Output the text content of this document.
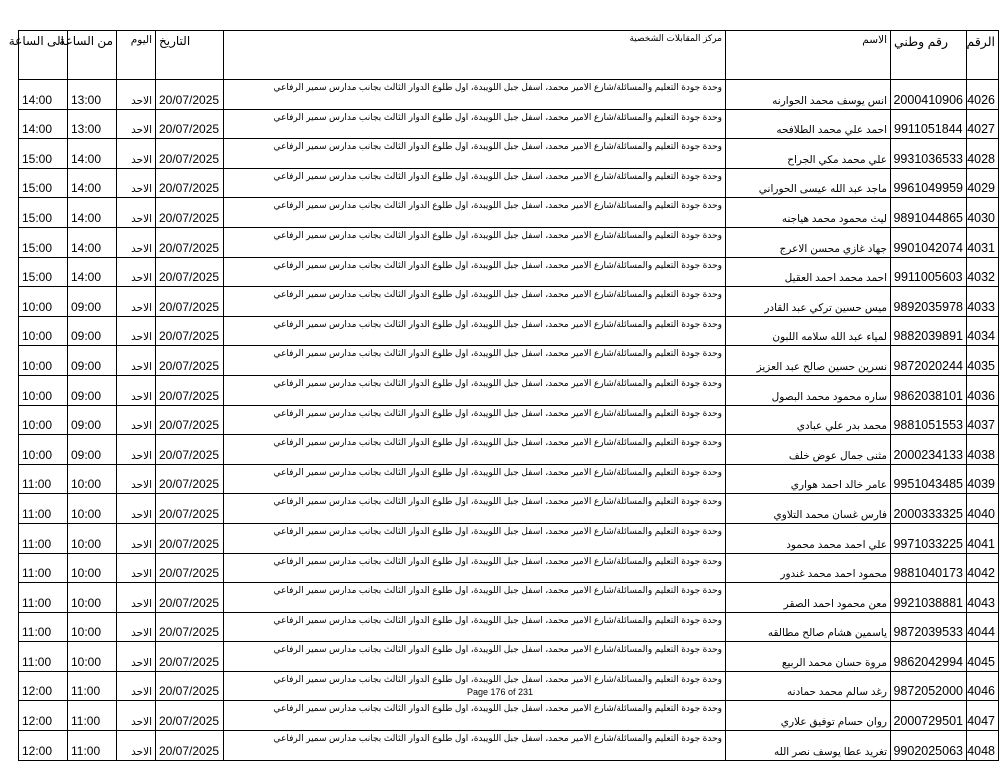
الرقم	رقم وطني	الاسم	مركز المقابلات الشخصية	التاريخ	اليوم	من الساعة	الى الساعة
4026	2000410906	انس يوسف محمد الحوارنه	وحدة جودة التعليم والمسائلة/شارع الامير محمد، اسفل جبل اللويبدة، اول طلوع الدوار الثالث بجانب مدارس سمير الرفاعي	20/07/2025	الاحد	13:00	14:00
4027	9911051844	احمد علي محمد الطلافحه	وحدة جودة التعليم والمسائلة/شارع الامير محمد، اسفل جبل اللويبدة، اول طلوع الدوار الثالث بجانب مدارس سمير الرفاعي	20/07/2025	الاحد	13:00	14:00
4028	9931036533	علي محمد مكي الجراح	وحدة جودة التعليم والمسائلة/شارع الامير محمد، اسفل جبل اللويبدة، اول طلوع الدوار الثالث بجانب مدارس سمير الرفاعي	20/07/2025	الاحد	14:00	15:00
4029	9961049959	ماجد عبد الله عيسى الحوراني	وحدة جودة التعليم والمسائلة/شارع الامير محمد، اسفل جبل اللويبدة، اول طلوع الدوار الثالث بجانب مدارس سمير الرفاعي	20/07/2025	الاحد	14:00	15:00
4030	9891044865	ليث محمود محمد هياجنه	وحدة جودة التعليم والمسائلة/شارع الامير محمد، اسفل جبل اللويبدة، اول طلوع الدوار الثالث بجانب مدارس سمير الرفاعي	20/07/2025	الاحد	14:00	15:00
4031	9901042074	جهاد غازي محسن الاعرج	وحدة جودة التعليم والمسائلة/شارع الامير محمد، اسفل جبل اللويبدة، اول طلوع الدوار الثالث بجانب مدارس سمير الرفاعي	20/07/2025	الاحد	14:00	15:00
4032	9911005603	احمد محمد احمد العقيل	وحدة جودة التعليم والمسائلة/شارع الامير محمد، اسفل جبل اللويبدة، اول طلوع الدوار الثالث بجانب مدارس سمير الرفاعي	20/07/2025	الاحد	14:00	15:00
4033	9892035978	ميس حسين تركي عبد القادر	وحدة جودة التعليم والمسائلة/شارع الامير محمد، اسفل جبل اللويبدة، اول طلوع الدوار الثالث بجانب مدارس سمير الرفاعي	20/07/2025	الاحد	09:00	10:00
4034	9882039891	لمياء عبد الله سلامه اللبون	وحدة جودة التعليم والمسائلة/شارع الامير محمد، اسفل جبل اللويبدة، اول طلوع الدوار الثالث بجانب مدارس سمير الرفاعي	20/07/2025	الاحد	09:00	10:00
4035	9872020244	نسرين حسين صالح عبد العزيز	وحدة جودة التعليم والمسائلة/شارع الامير محمد، اسفل جبل اللويبدة، اول طلوع الدوار الثالث بجانب مدارس سمير الرفاعي	20/07/2025	الاحد	09:00	10:00
4036	9862038101	ساره محمود محمد البصول	وحدة جودة التعليم والمسائلة/شارع الامير محمد، اسفل جبل اللويبدة، اول طلوع الدوار الثالث بجانب مدارس سمير الرفاعي	20/07/2025	الاحد	09:00	10:00
4037	9881051553	محمد بدر علي عبادي	وحدة جودة التعليم والمسائلة/شارع الامير محمد، اسفل جبل اللويبدة، اول طلوع الدوار الثالث بجانب مدارس سمير الرفاعي	20/07/2025	الاحد	09:00	10:00
4038	2000234133	مثنى جمال عوض خلف	وحدة جودة التعليم والمسائلة/شارع الامير محمد، اسفل جبل اللويبدة، اول طلوع الدوار الثالث بجانب مدارس سمير الرفاعي	20/07/2025	الاحد	09:00	10:00
4039	9951043485	عامر خالد احمد هواري	وحدة جودة التعليم والمسائلة/شارع الامير محمد، اسفل جبل اللويبدة، اول طلوع الدوار الثالث بجانب مدارس سمير الرفاعي	20/07/2025	الاحد	10:00	11:00
4040	2000333325	فارس غسان محمد التلاوي	وحدة جودة التعليم والمسائلة/شارع الامير محمد، اسفل جبل اللويبدة، اول طلوع الدوار الثالث بجانب مدارس سمير الرفاعي	20/07/2025	الاحد	10:00	11:00
4041	9971033225	علي احمد محمد محمود	وحدة جودة التعليم والمسائلة/شارع الامير محمد، اسفل جبل اللويبدة، اول طلوع الدوار الثالث بجانب مدارس سمير الرفاعي	20/07/2025	الاحد	10:00	11:00
4042	9881040173	محمود احمد محمد غندور	وحدة جودة التعليم والمسائلة/شارع الامير محمد، اسفل جبل اللويبدة، اول طلوع الدوار الثالث بجانب مدارس سمير الرفاعي	20/07/2025	الاحد	10:00	11:00
4043	9921038881	معن محمود احمد الصقر	وحدة جودة التعليم والمسائلة/شارع الامير محمد، اسفل جبل اللويبدة، اول طلوع الدوار الثالث بجانب مدارس سمير الرفاعي	20/07/2025	الاحد	10:00	11:00
4044	9872039533	ياسمين هشام صالح مطالقه	وحدة جودة التعليم والمسائلة/شارع الامير محمد، اسفل جبل اللويبدة، اول طلوع الدوار الثالث بجانب مدارس سمير الرفاعي	20/07/2025	الاحد	10:00	11:00
4045	9862042994	مروة حسان محمد الربيع	وحدة جودة التعليم والمسائلة/شارع الامير محمد، اسفل جبل اللويبدة، اول طلوع الدوار الثالث بجانب مدارس سمير الرفاعي	20/07/2025	الاحد	10:00	11:00
4046	9872052000	رغد سالم محمد حمادنه	وحدة جودة التعليم والمسائلة/شارع الامير محمد، اسفل جبل اللويبدة، اول طلوع الدوار الثالث بجانب مدارس سمير الرفاعي	20/07/2025	الاحد	11:00	12:00
4047	2000729501	روان حسام توفيق علاري	وحدة جودة التعليم والمسائلة/شارع الامير محمد، اسفل جبل اللويبدة، اول طلوع الدوار الثالث بجانب مدارس سمير الرفاعي	20/07/2025	الاحد	11:00	12:00
4048	9902025063	تغريد عطا يوسف نصر الله	وحدة جودة التعليم والمسائلة/شارع الامير محمد، اسفل جبل اللويبدة، اول طلوع الدوار الثالث بجانب مدارس سمير الرفاعي	20/07/2025	الاحد	11:00	12:00
Page 176 of 231
